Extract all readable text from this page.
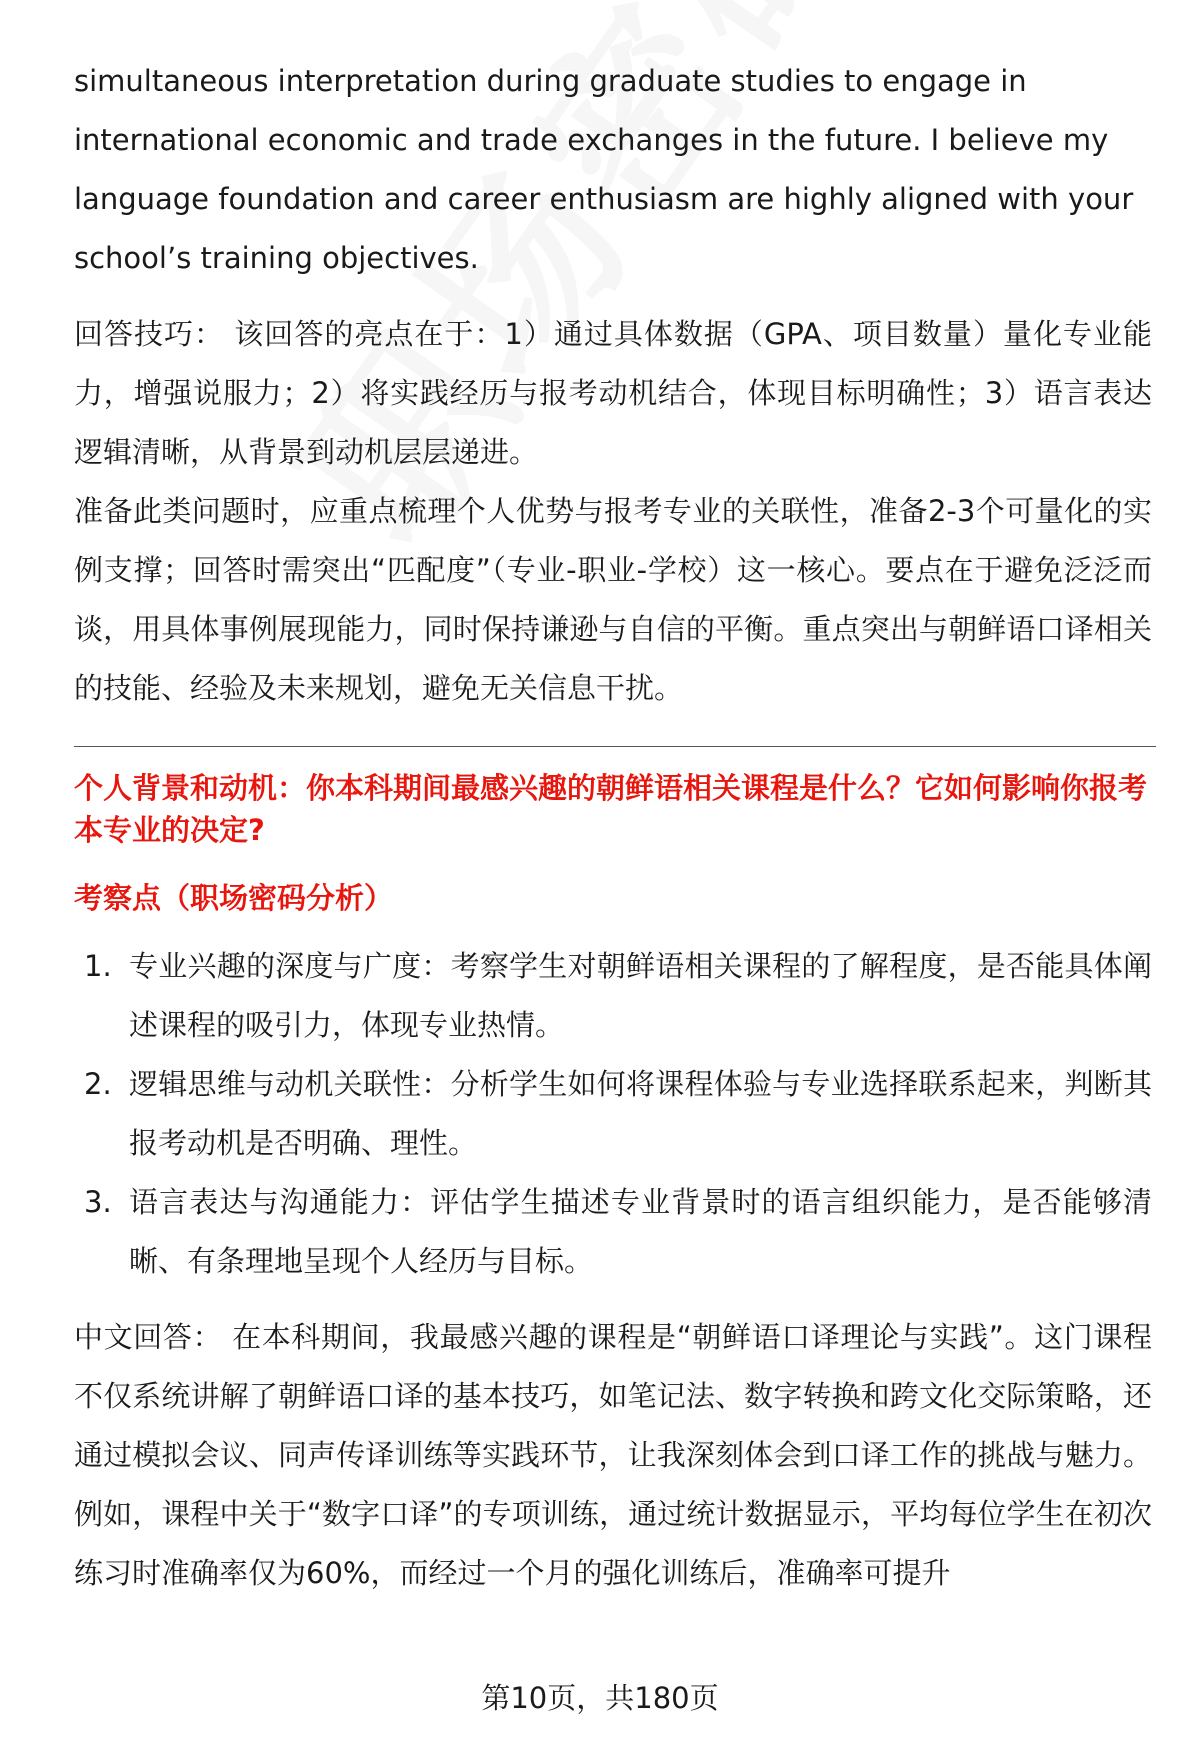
simultaneous interpretation during graduate studies to engage in international economic and trade exchanges in the future. I believe my language foundation and career enthusiasm are highly aligned with your school’s training objectives.

回答技巧： 该回答的亮点在于：1）通过具体数据（GPA、项目数量）量化专业能力，增强说服力；2）将实践经历与报考动机结合，体现目标明确性；3）语言表达逻辑清晰，从背景到动机层层递进。

准备此类问题时，应重点梳理个人优势与报考专业的关联性，准备2-3个可量化的实例支撑；回答时需突出“匹配度”（专业-职业-学校）这一核心。要点在于避免泛泛而谈，用具体事例展现能力，同时保持谦逊与自信的平衡。重点突出与朝鲜语口译相关的技能、经验及未来规划，避免无关信息干扰。

个人背景和动机：你本科期间最感兴趣的朝鲜语相关课程是什么？它如何影响你报考本专业的决定?

考察点（职场密码分析）

1. 专业兴趣的深度与广度：考察学生对朝鲜语相关课程的了解程度，是否能具体阐述课程的吸引力，体现专业热情。
2. 逻辑思维与动机关联性：分析学生如何将课程体验与专业选择联系起来，判断其报考动机是否明确、理性。
3. 语言表达与沟通能力：评估学生描述专业背景时的语言组织能力，是否能够清晰、有条理地呈现个人经历与目标。

中文回答： 在本科期间，我最感兴趣的课程是“朝鲜语口译理论与实践”。这门课程不仅系统讲解了朝鲜语口译的基本技巧，如笔记法、数字转换和跨文化交际策略，还通过模拟会议、同声传译训练等实践环节，让我深刻体会到口译工作的挑战与魅力。例如，课程中关于“数字口译”的专项训练，通过统计数据显示，平均每位学生在初次练习时准确率仅为60%，而经过一个月的强化训练后，准确率可提升

第10页，共180页
